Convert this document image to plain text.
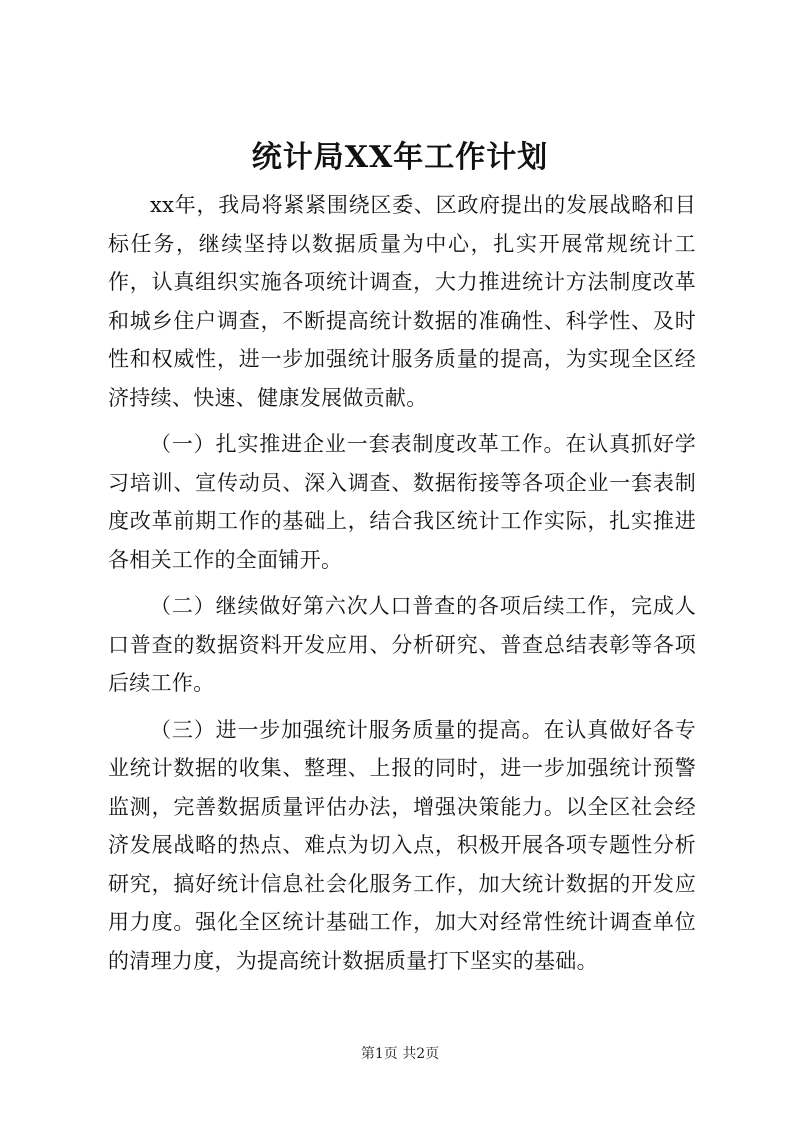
统计局XX年工作计划

xx年，我局将紧紧围绕区委、区政府提出的发展战略和目标任务，继续坚持以数据质量为中心，扎实开展常规统计工作，认真组织实施各项统计调查，大力推进统计方法制度改革和城乡住户调查，不断提高统计数据的准确性、科学性、及时性和权威性，进一步加强统计服务质量的提高，为实现全区经济持续、快速、健康发展做贡献。

（一）扎实推进企业一套表制度改革工作。在认真抓好学习培训、宣传动员、深入调查、数据衔接等各项企业一套表制度改革前期工作的基础上，结合我区统计工作实际，扎实推进各相关工作的全面铺开。

（二）继续做好第六次人口普查的各项后续工作，完成人口普查的数据资料开发应用、分析研究、普查总结表彰等各项后续工作。

（三）进一步加强统计服务质量的提高。在认真做好各专业统计数据的收集、整理、上报的同时，进一步加强统计预警监测，完善数据质量评估办法，增强决策能力。以全区社会经济发展战略的热点、难点为切入点，积极开展各项专题性分析研究，搞好统计信息社会化服务工作，加大统计数据的开发应用力度。强化全区统计基础工作，加大对经常性统计调查单位的清理力度，为提高统计数据质量打下坚实的基础。

第1页 共2页
